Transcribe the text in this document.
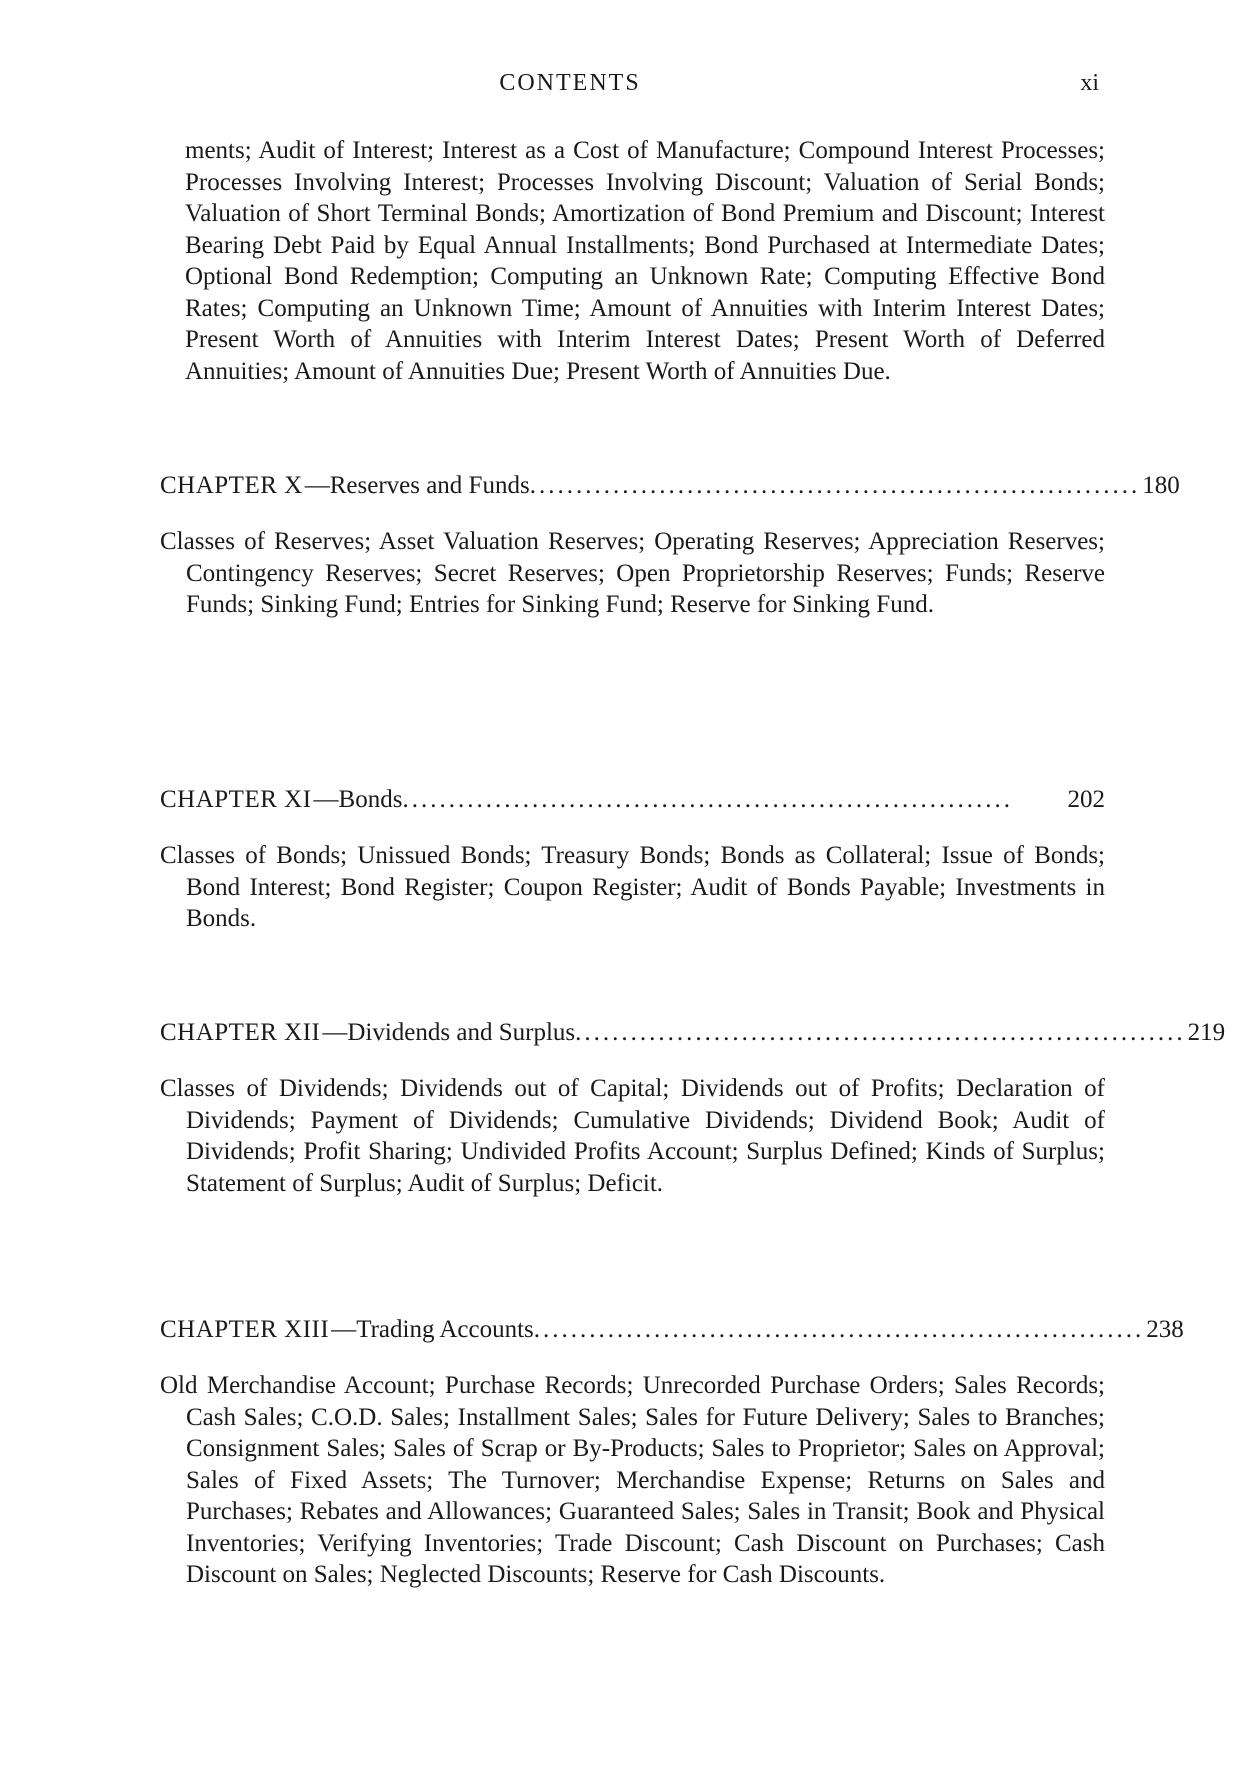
CONTENTS	xi

ments; Audit of Interest; Interest as a Cost of Manufacture; Compound Interest Processes; Processes Involving Interest; Processes Involving Discount; Valuation of Serial Bonds; Valuation of Short Terminal Bonds; Amortization of Bond Premium and Discount; Interest Bearing Debt Paid by Equal Annual Installments; Bond Purchased at Intermediate Dates; Optional Bond Redemption; Computing an Unknown Rate; Computing Effective Bond Rates; Computing an Unknown Time; Amount of Annuities with Interim Interest Dates; Present Worth of Annuities with Interim Interest Dates; Present Worth of Deferred Annuities; Amount of Annuities Due; Present Worth of Annuities Due.

CHAPTER X —Reserves and Funds .................................................................. 180

Classes of Reserves; Asset Valuation Reserves; Operating Reserves; Appreciation Reserves; Contingency Reserves; Secret Reserves; Open Proprietorship Reserves; Funds; Reserve Funds; Sinking Fund; Entries for Sinking Fund; Reserve for Sinking Fund.

CHAPTER XI —Bonds ..................................................................	202

Classes of Bonds; Unissued Bonds; Treasury Bonds; Bonds as Collateral; Issue of Bonds; Bond Interest; Bond Register; Coupon Register; Audit of Bonds Payable; Investments in Bonds.

CHAPTER XII —Dividends and Surplus .................................................................. 219

Classes of Dividends; Dividends out of Capital; Dividends out of Profits; Declaration of Dividends; Payment of Dividends; Cumulative Dividends; Dividend Book; Audit of Dividends; Profit Sharing; Undivided Profits Account; Surplus Defined; Kinds of Surplus; Statement of Surplus; Audit of Surplus; Deficit.

CHAPTER XIII —Trading Accounts .................................................................. 238

Old Merchandise Account; Purchase Records; Unrecorded Purchase Orders; Sales Records; Cash Sales; C.O.D. Sales; Installment Sales; Sales for Future Delivery; Sales to Branches; Consignment Sales; Sales of Scrap or By-Products; Sales to Proprietor; Sales on Approval; Sales of Fixed Assets; The Turnover; Merchandise Expense; Returns on Sales and Purchases; Rebates and Allowances; Guaranteed Sales; Sales in Transit; Book and Physical Inventories; Verifying Inventories; Trade Discount; Cash Discount on Purchases; Cash Discount on Sales; Neglected Discounts; Reserve for Cash Discounts.
